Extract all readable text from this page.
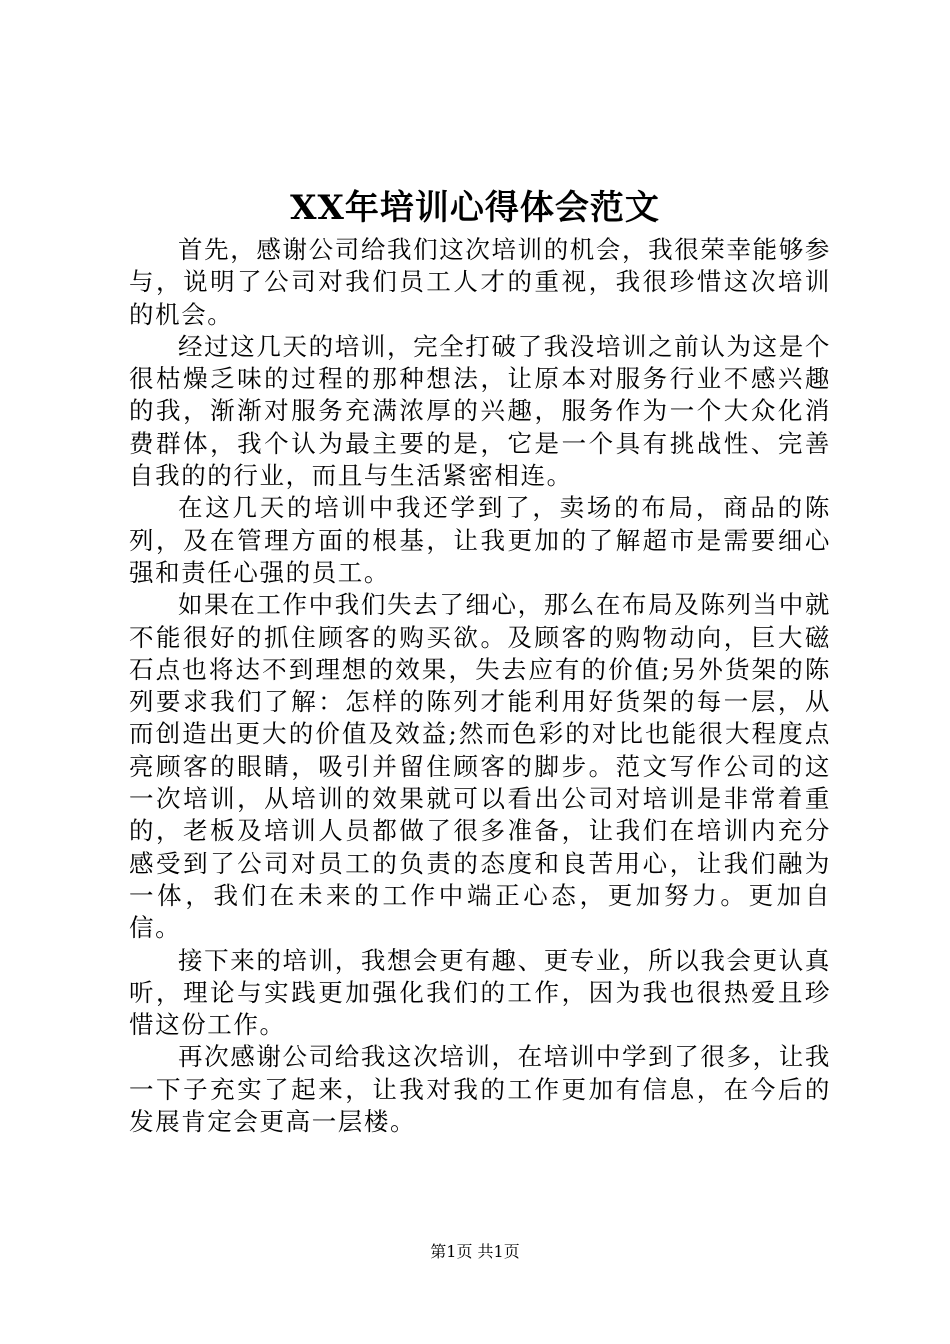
XX年培训心得体会范文

首先，感谢公司给我们这次培训的机会，我很荣幸能够参与，说明了公司对我们员工人才的重视，我很珍惜这次培训的机会。

经过这几天的培训，完全打破了我没培训之前认为这是个很枯燥乏味的过程的那种想法，让原本对服务行业不感兴趣的我，渐渐对服务充满浓厚的兴趣，服务作为一个大众化消费群体，我个认为最主要的是，它是一个具有挑战性、完善自我的的行业，而且与生活紧密相连。

在这几天的培训中我还学到了，卖场的布局，商品的陈列，及在管理方面的根基，让我更加的了解超市是需要细心强和责任心强的员工。

如果在工作中我们失去了细心，那么在布局及陈列当中就不能很好的抓住顾客的购买欲。及顾客的购物动向，巨大磁石点也将达不到理想的效果，失去应有的价值;另外货架的陈列要求我们了解：怎样的陈列才能利用好货架的每一层，从而创造出更大的价值及效益;然而色彩的对比也能很大程度点亮顾客的眼睛，吸引并留住顾客的脚步。范文写作公司的这一次培训，从培训的效果就可以看出公司对培训是非常着重的，老板及培训人员都做了很多准备，让我们在培训内充分感受到了公司对员工的负责的态度和良苦用心，让我们融为一体，我们在未来的工作中端正心态，更加努力。更加自信。

接下来的培训，我想会更有趣、更专业，所以我会更认真听，理论与实践更加强化我们的工作，因为我也很热爱且珍惜这份工作。

再次感谢公司给我这次培训，在培训中学到了很多，让我一下子充实了起来，让我对我的工作更加有信息，在今后的发展肯定会更高一层楼。

第1页 共1页
